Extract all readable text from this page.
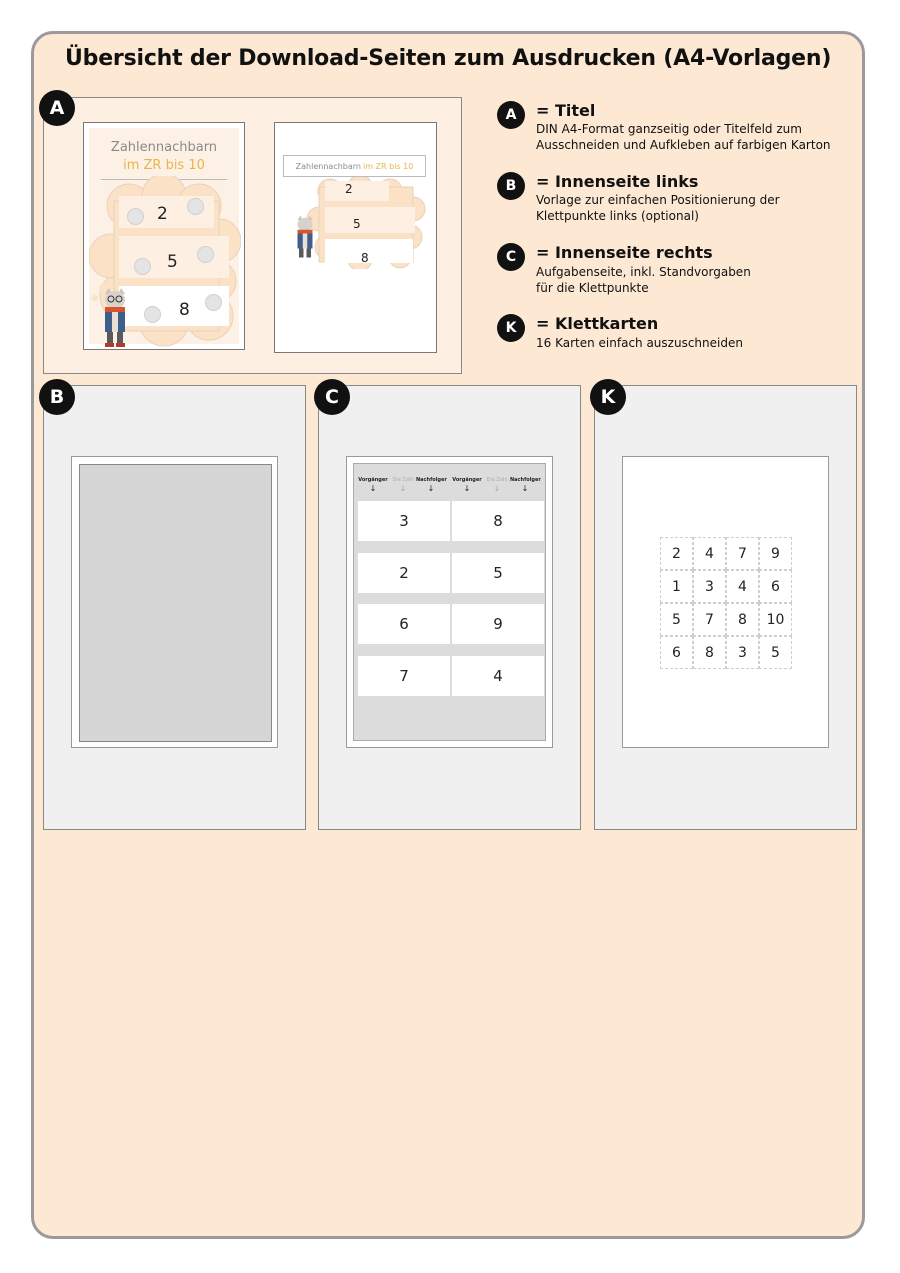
Übersicht der Download-Seiten zum Ausdrucken (A4-Vorlagen)
Zahlennachbarn
im ZR bis 10
2
5
8
Zahlennachbarn im ZR bis 10
2
5
8
A	A	= Titel
DIN A4-Format ganzseitig oder Titelfeld zum Ausschneiden und Aufkleben auf farbigen Karton
B	= Innenseite links
Vorlage zur einfachen Positionierung der Klettpunkte links (optional)
C	= Innenseite rechts
Aufgabenseite, inkl. Standvorgaben für die Klettpunkte
K	= Klettkarten
16 Karten einfach auszuschneiden
B
Vorgänger Die Zahl Nachfolger Vorgänger Die Zahl Nachfolger
↓	↓	↓	↓	↓	↓
3	8
2	5
6	9
7	4
C
2	4	7	9
1	3	4	6
5	7	8	10
6	8	3	5
K
